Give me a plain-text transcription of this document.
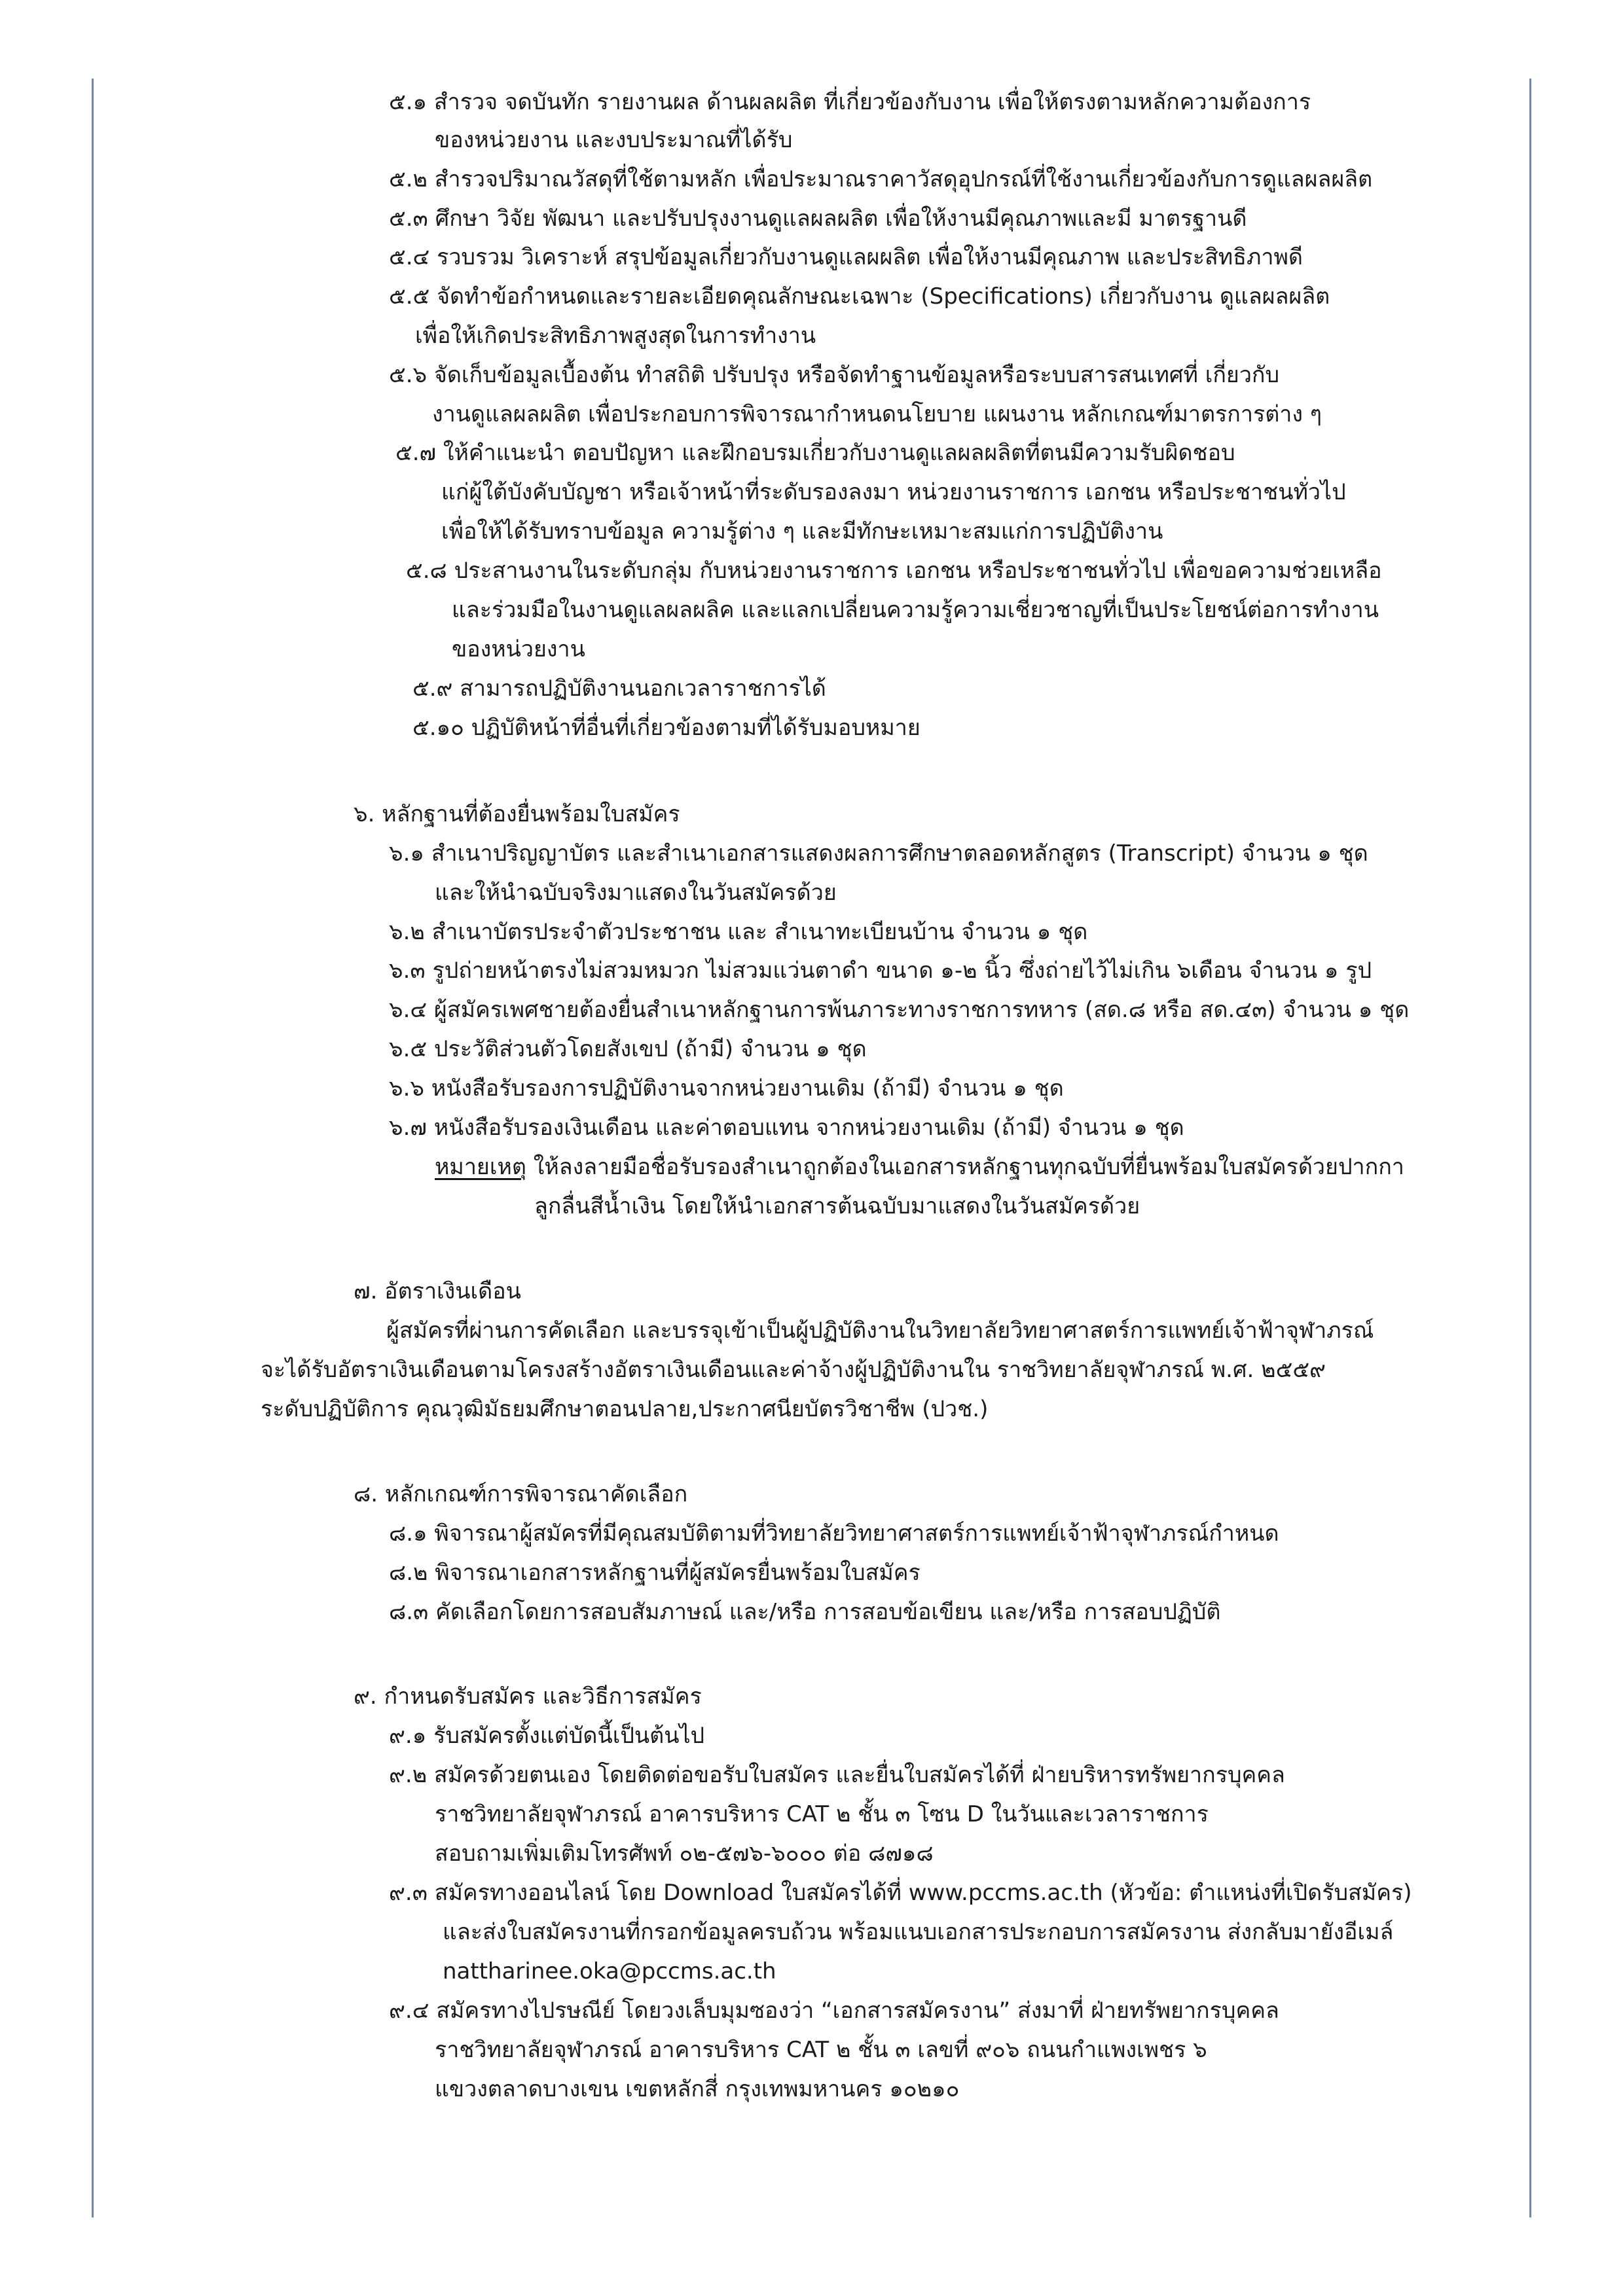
๕.๑ สำรวจ จดบันทัก รายงานผล ด้านผลผลิต ที่เกี่ยวข้องกับงาน เพื่อให้ตรงตามหลักความต้องการ
ของหน่วยงาน และงบประมาณที่ได้รับ
๕.๒ สำรวจปริมาณวัสดุที่ใช้ตามหลัก เพื่อประมาณราคาวัสดุอุปกรณ์ที่ใช้งานเกี่ยวข้องกับการดูแลผลผลิต
๕.๓ ศึกษา วิจัย พัฒนา และปรับปรุงงานดูแลผลผลิต เพื่อให้งานมีคุณภาพและมี มาตรฐานดี
๕.๔ รวบรวม วิเคราะห์ สรุปข้อมูลเกี่ยวกับงานดูแลผผลิต เพื่อให้งานมีคุณภาพ และประสิทธิภาพดี
๕.๕ จัดทำข้อกำหนดและรายละเอียดคุณลักษณะเฉพาะ (Specifications) เกี่ยวกับงาน ดูแลผลผลิต
เพื่อให้เกิดประสิทธิภาพสูงสุดในการทำงาน
๕.๖ จัดเก็บข้อมูลเบื้องต้น ทำสถิติ ปรับปรุง หรือจัดทำฐานข้อมูลหรือระบบสารสนเทศที่ เกี่ยวกับ
งานดูแลผลผลิต เพื่อประกอบการพิจารณากำหนดนโยบาย แผนงาน หลักเกณฑ์มาตรการต่าง ๆ
๕.๗ ให้คำแนะนำ ตอบปัญหา และฝึกอบรมเกี่ยวกับงานดูแลผลผลิตที่ตนมีความรับผิดชอบ
แก่ผู้ใต้บังคับบัญชา หรือเจ้าหน้าที่ระดับรองลงมา หน่วยงานราชการ เอกชน หรือประชาชนทั่วไป
เพื่อให้ได้รับทราบข้อมูล ความรู้ต่าง ๆ และมีทักษะเหมาะสมแก่การปฏิบัติงาน
๕.๘ ประสานงานในระดับกลุ่ม กับหน่วยงานราชการ เอกชน หรือประชาชนทั่วไป เพื่อขอความช่วยเหลือ
และร่วมมือในงานดูแลผลผลิค และแลกเปลี่ยนความรู้ความเชี่ยวชาญที่เป็นประโยชน์ต่อการทำงาน
ของหน่วยงาน
๕.๙ สามารถปฏิบัติงานนอกเวลาราชการได้
๕.๑๐ ปฏิบัติหน้าที่อื่นที่เกี่ยวข้องตามที่ได้รับมอบหมาย
๖. หลักฐานที่ต้องยื่นพร้อมใบสมัคร
๖.๑ สำเนาปริญญาบัตร และสำเนาเอกสารแสดงผลการศึกษาตลอดหลักสูตร (Transcript) จำนวน ๑ ชุด
และให้นำฉบับจริงมาแสดงในวันสมัครด้วย
๖.๒ สำเนาบัตรประจำตัวประชาชน และ สำเนาทะเบียนบ้าน จำนวน ๑ ชุด
๖.๓ รูปถ่ายหน้าตรงไม่สวมหมวก ไม่สวมแว่นตาดำ ขนาด ๑-๒ นิ้ว ซึ่งถ่ายไว้ไม่เกิน ๖เดือน จำนวน ๑ รูป
๖.๔ ผู้สมัครเพศชายต้องยื่นสำเนาหลักฐานการพ้นภาระทางราชการทหาร (สด.๘ หรือ สด.๔๓) จำนวน ๑ ชุด
๖.๕ ประวัติส่วนตัวโดยสังเขป (ถ้ามี) จำนวน ๑ ชุด
๖.๖ หนังสือรับรองการปฏิบัติงานจากหน่วยงานเดิม (ถ้ามี) จำนวน ๑ ชุด
๖.๗ หนังสือรับรองเงินเดือน และค่าตอบแทน จากหน่วยงานเดิม (ถ้ามี) จำนวน ๑ ชุด
หมายเหตุ ให้ลงลายมือชื่อรับรองสำเนาถูกต้องในเอกสารหลักฐานทุกฉบับที่ยื่นพร้อมใบสมัครด้วยปากกา
ลูกลื่นสีน้ำเงิน โดยให้นำเอกสารต้นฉบับมาแสดงในวันสมัครด้วย
๗. อัตราเงินเดือน
ผู้สมัครที่ผ่านการคัดเลือก และบรรจุเข้าเป็นผู้ปฏิบัติงานในวิทยาลัยวิทยาศาสตร์การแพทย์เจ้าฟ้าจุฬาภรณ์
จะได้รับอัตราเงินเดือนตามโครงสร้างอัตราเงินเดือนและค่าจ้างผู้ปฏิบัติงานใน ราชวิทยาลัยจุฬาภรณ์ พ.ศ. ๒๕๕๙
ระดับปฏิบัติการ คุณวุฒิมัธยมศึกษาตอนปลาย,ประกาศนียบัตรวิชาชีพ (ปวช.)
๘. หลักเกณฑ์การพิจารณาคัดเลือก
๘.๑ พิจารณาผู้สมัครที่มีคุณสมบัติตามที่วิทยาลัยวิทยาศาสตร์การแพทย์เจ้าฟ้าจุฬาภรณ์กำหนด
๘.๒ พิจารณาเอกสารหลักฐานที่ผู้สมัครยื่นพร้อมใบสมัคร
๘.๓ คัดเลือกโดยการสอบสัมภาษณ์ และ/หรือ การสอบข้อเขียน และ/หรือ การสอบปฏิบัติ
๙. กำหนดรับสมัคร และวิธีการสมัคร
๙.๑ รับสมัครตั้งแต่บัดนี้เป็นต้นไป
๙.๒ สมัครด้วยตนเอง โดยติดต่อขอรับใบสมัคร และยื่นใบสมัครได้ที่ ฝ่ายบริหารทรัพยากรบุคคล
ราชวิทยาลัยจุฬาภรณ์ อาคารบริหาร CAT ๒ ชั้น ๓ โซน D ในวันและเวลาราชการ
สอบถามเพิ่มเติมโทรศัพท์ ๐๒-๕๗๖-๖๐๐๐ ต่อ ๘๗๑๘
๙.๓ สมัครทางออนไลน์ โดย Download ใบสมัครได้ที่ www.pccms.ac.th (หัวข้อ: ตำแหน่งที่เปิดรับสมัคร)
และส่งใบสมัครงานที่กรอกข้อมูลครบถ้วน พร้อมแนบเอกสารประกอบการสมัครงาน ส่งกลับมายังอีเมล์
nattharinee.oka@pccms.ac.th
๙.๔ สมัครทางไปรษณีย์ โดยวงเล็บมุมซองว่า “เอกสารสมัครงาน” ส่งมาที่ ฝ่ายทรัพยากรบุคคล
ราชวิทยาลัยจุฬาภรณ์ อาคารบริหาร CAT ๒ ชั้น ๓ เลขที่ ๙๐๖ ถนนกำแพงเพชร ๖
แขวงตลาดบางเขน เขตหลักสี่ กรุงเทพมหานคร ๑๐๒๑๐
